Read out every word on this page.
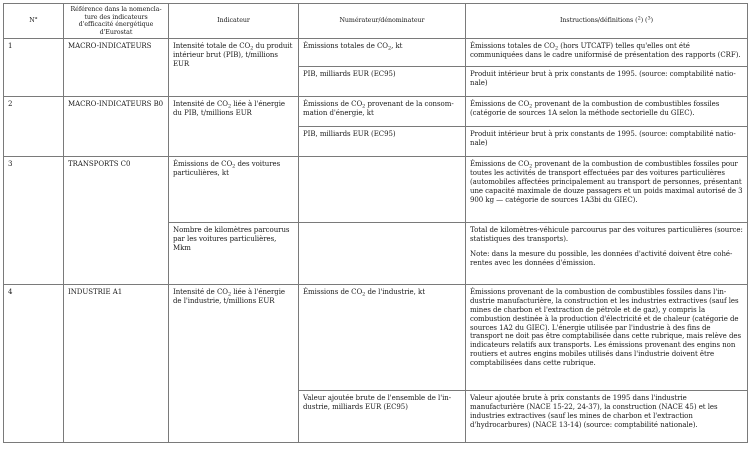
N°	Référence dans la nomencla- ture des indicateurs d'efficacité énergétique d'Eurostat	Indicateur	Numérateur/dénominateur	Instructions/définitions ($^2$) ($^3$)
1	MACRO-INDICATEURS	Intensité totale de $CO_2$ du produit intérieur brut (PIB), t/millions EUR	Émissions totales de $CO_2$, kt	Émissions totales de $CO_2$ (hors UTCATF) telles qu'elles ont été communiquées dans le cadre uniformisé de présentation des rapports (CRF).
			PIB, milliards EUR (EC95)	Produit intérieur brut à prix constants de 1995. (source: comptabilité nationale)
2	MACRO-INDICATEURS B0	Intensité de $CO_2$ liée à l'énergie du PIB, t/millions EUR	Émissions de $CO_2$ provenant de la consommation d'énergie, kt	Émissions de $CO_2$ provenant de la combustion de combustibles fossiles (catégorie de sources 1A selon la méthode sectorielle du GIEC).
			PIB, milliards EUR (EC95)	Produit intérieur brut à prix constants de 1995. (source: comptabilité nationale)
3	TRANSPORTS C0	Émissions de $CO_2$ des voitures particulières, kt		Émissions de $CO_2$ provenant de la combustion de combustibles fossiles pour toutes les activités de transport effectuées par des voitures particulières (automobiles affectées principalement au transport de personnes, présentant une capacité maximale de douze passagers et un poids maximal autorisé de 3 900 kg — catégorie de sources 1A3bi du GIEC).
		Nombre de kilomètres parcourus par les voitures particulières, Mkm		Total de kilomètres-véhicule parcourus par des voitures particulières (source: statistiques des transports).
Note: dans la mesure du possible, les données d'activité doivent être cohérentes avec les données d'émission.

4	INDUSTRIE A1	Intensité de $CO_2$ liée à l'énergie de l'industrie, t/millions EUR	Émissions de $CO_2$ de l'industrie, kt	Émissions provenant de la combustion de combustibles fossiles dans l'industrie manufacturière, la construction et les industries extractives (sauf les mines de charbon et l'extraction de pétrole et de gaz), y compris la combustion destinée à la production d'électricité et de chaleur (catégorie de sources 1A2 du GIEC). L'énergie utilisée par l'industrie à des fins de transport ne doit pas être comptabilisée dans cette rubrique, mais relève des indicateurs relatifs aux transports. Les émissions provenant des engins non routiers et autres engins mobiles utilisés dans l'industrie doivent être comptabilisées dans cette rubrique.
			Valeur ajoutée brute de l'ensemble de l'industrie, milliards EUR (EC95)	Valeur ajoutée brute à prix constants de 1995 dans l'industrie manufacturière (NACE 15-22, 24-37), la construction (NACE 45) et les industries extractives (sauf les mines de charbon et l'extraction d'hydrocarbures) (NACE 13-14) (source: comptabilité nationale).
